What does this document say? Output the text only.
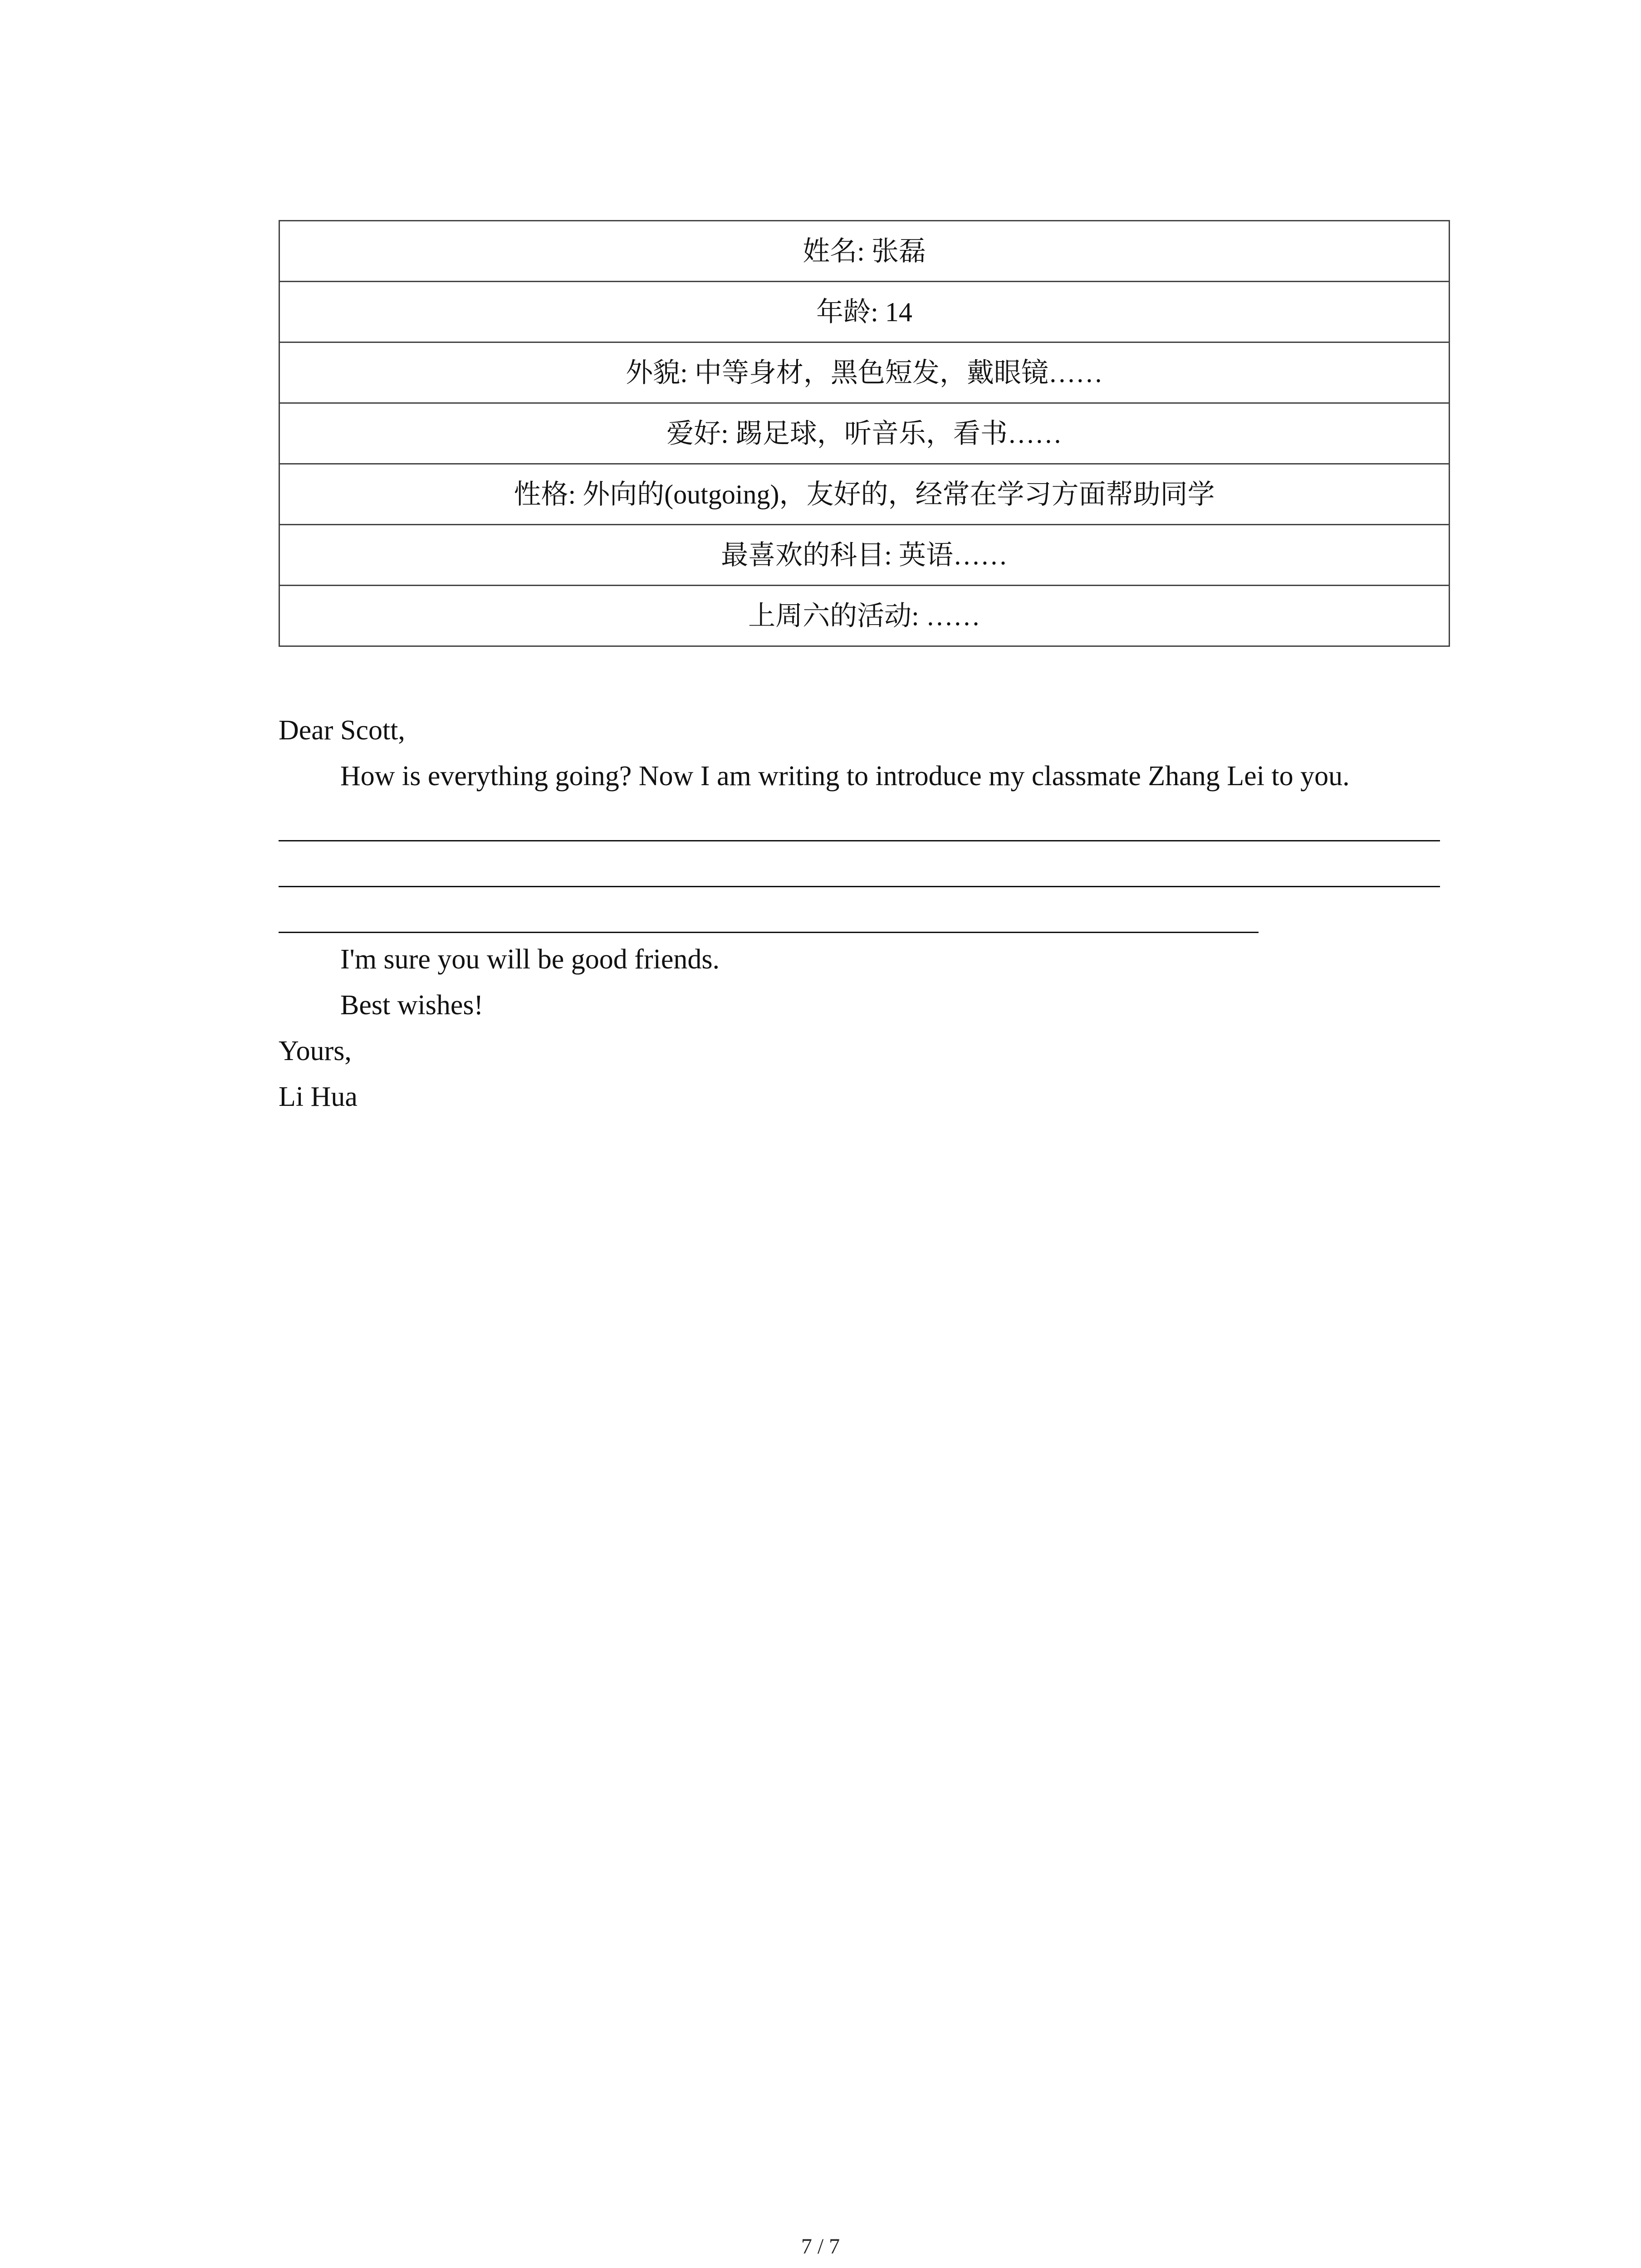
姓名: 张磊
年龄: 14
外貌: 中等身材，黑色短发，戴眼镜……
爱好: 踢足球，听音乐，看书……
性格: 外向的(outgoing)，友好的，经常在学习方面帮助同学
最喜欢的科目: 英语……
上周六的活动: ……
Dear Scott,
How is everything going? Now I am writing to introduce my classmate Zhang Lei to you.
I'm sure you will be good friends.
Best wishes!
Yours,
Li Hua
7 / 7
